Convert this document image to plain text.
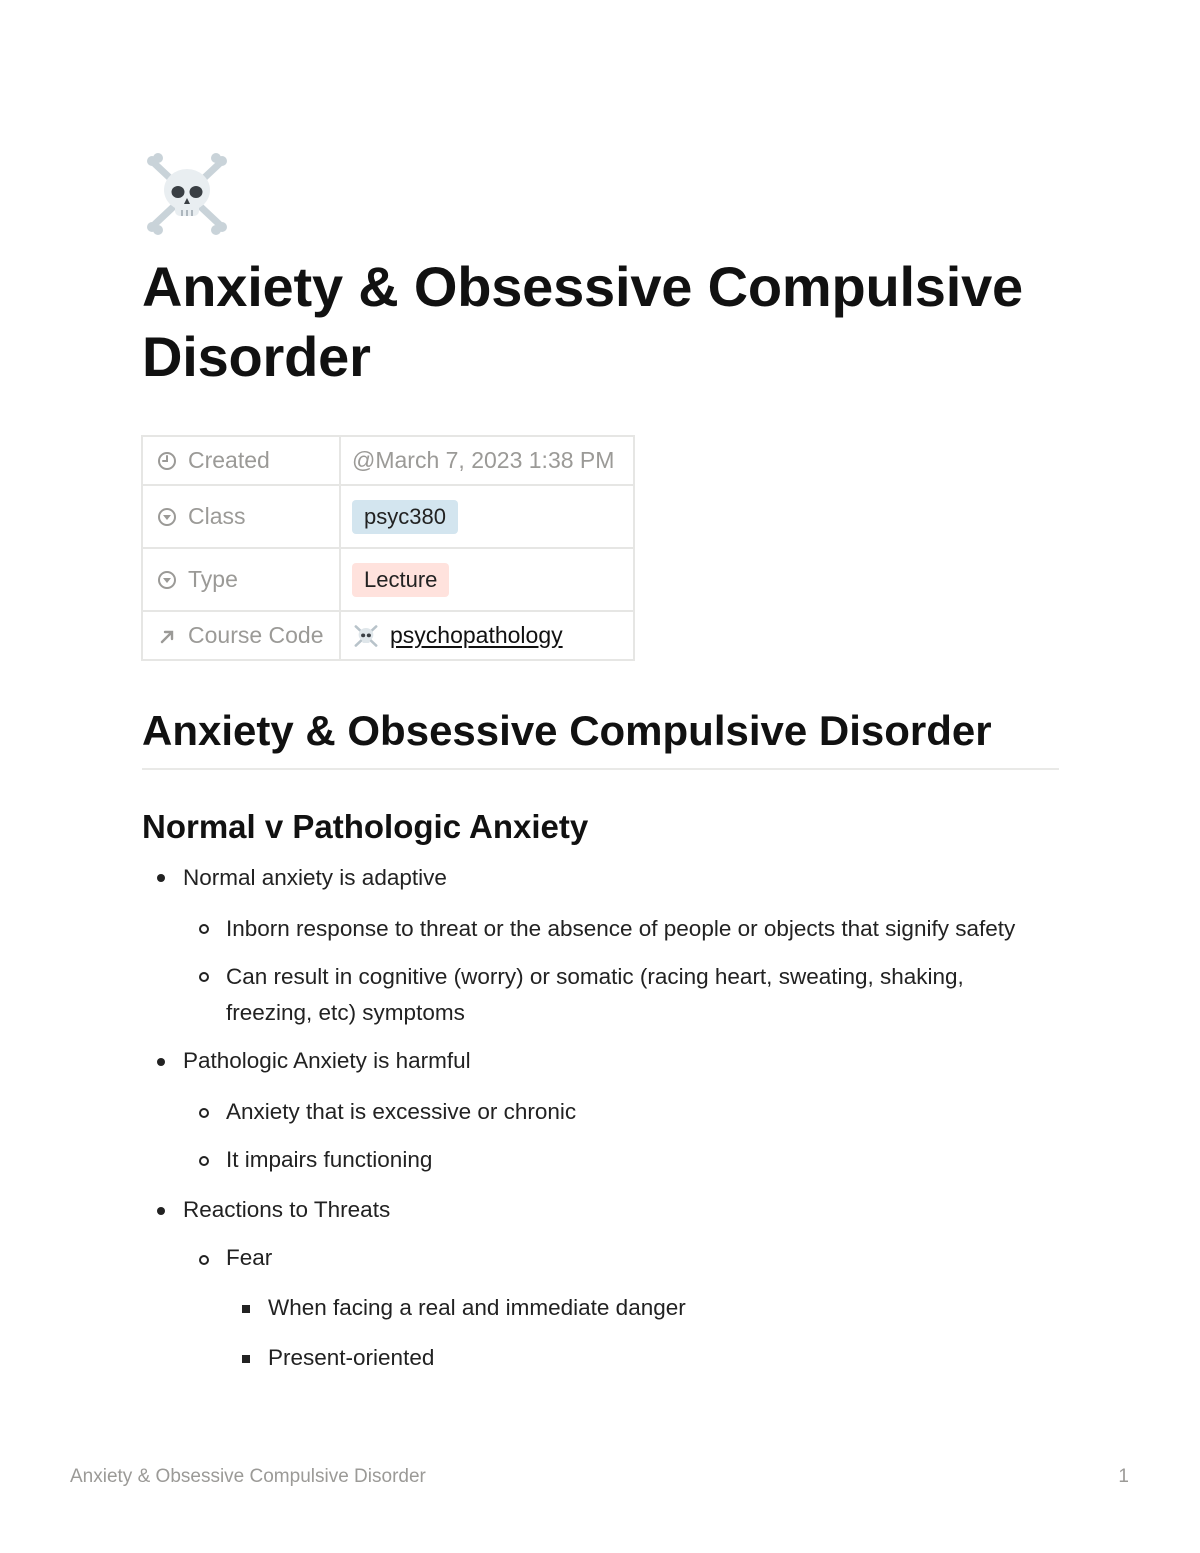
Anxiety & Obsessive Compulsive Disorder
Created	@March 7, 2023 1:38 PM

Class	psyc380

Type	Lecture

Course Code	psychopathology
Anxiety & Obsessive Compulsive Disorder
Normal v Pathologic Anxiety
Normal anxiety is adaptive
Inborn response to threat or the absence of people or objects that signify safety
Can result in cognitive (worry) or somatic (racing heart, sweating, shaking,
freezing, etc) symptoms
Pathologic Anxiety is harmful
Anxiety that is excessive or chronic
It impairs functioning
Reactions to Threats
Fear
When facing a real and immediate danger
Present-oriented
Anxiety & Obsessive Compulsive Disorder	1
